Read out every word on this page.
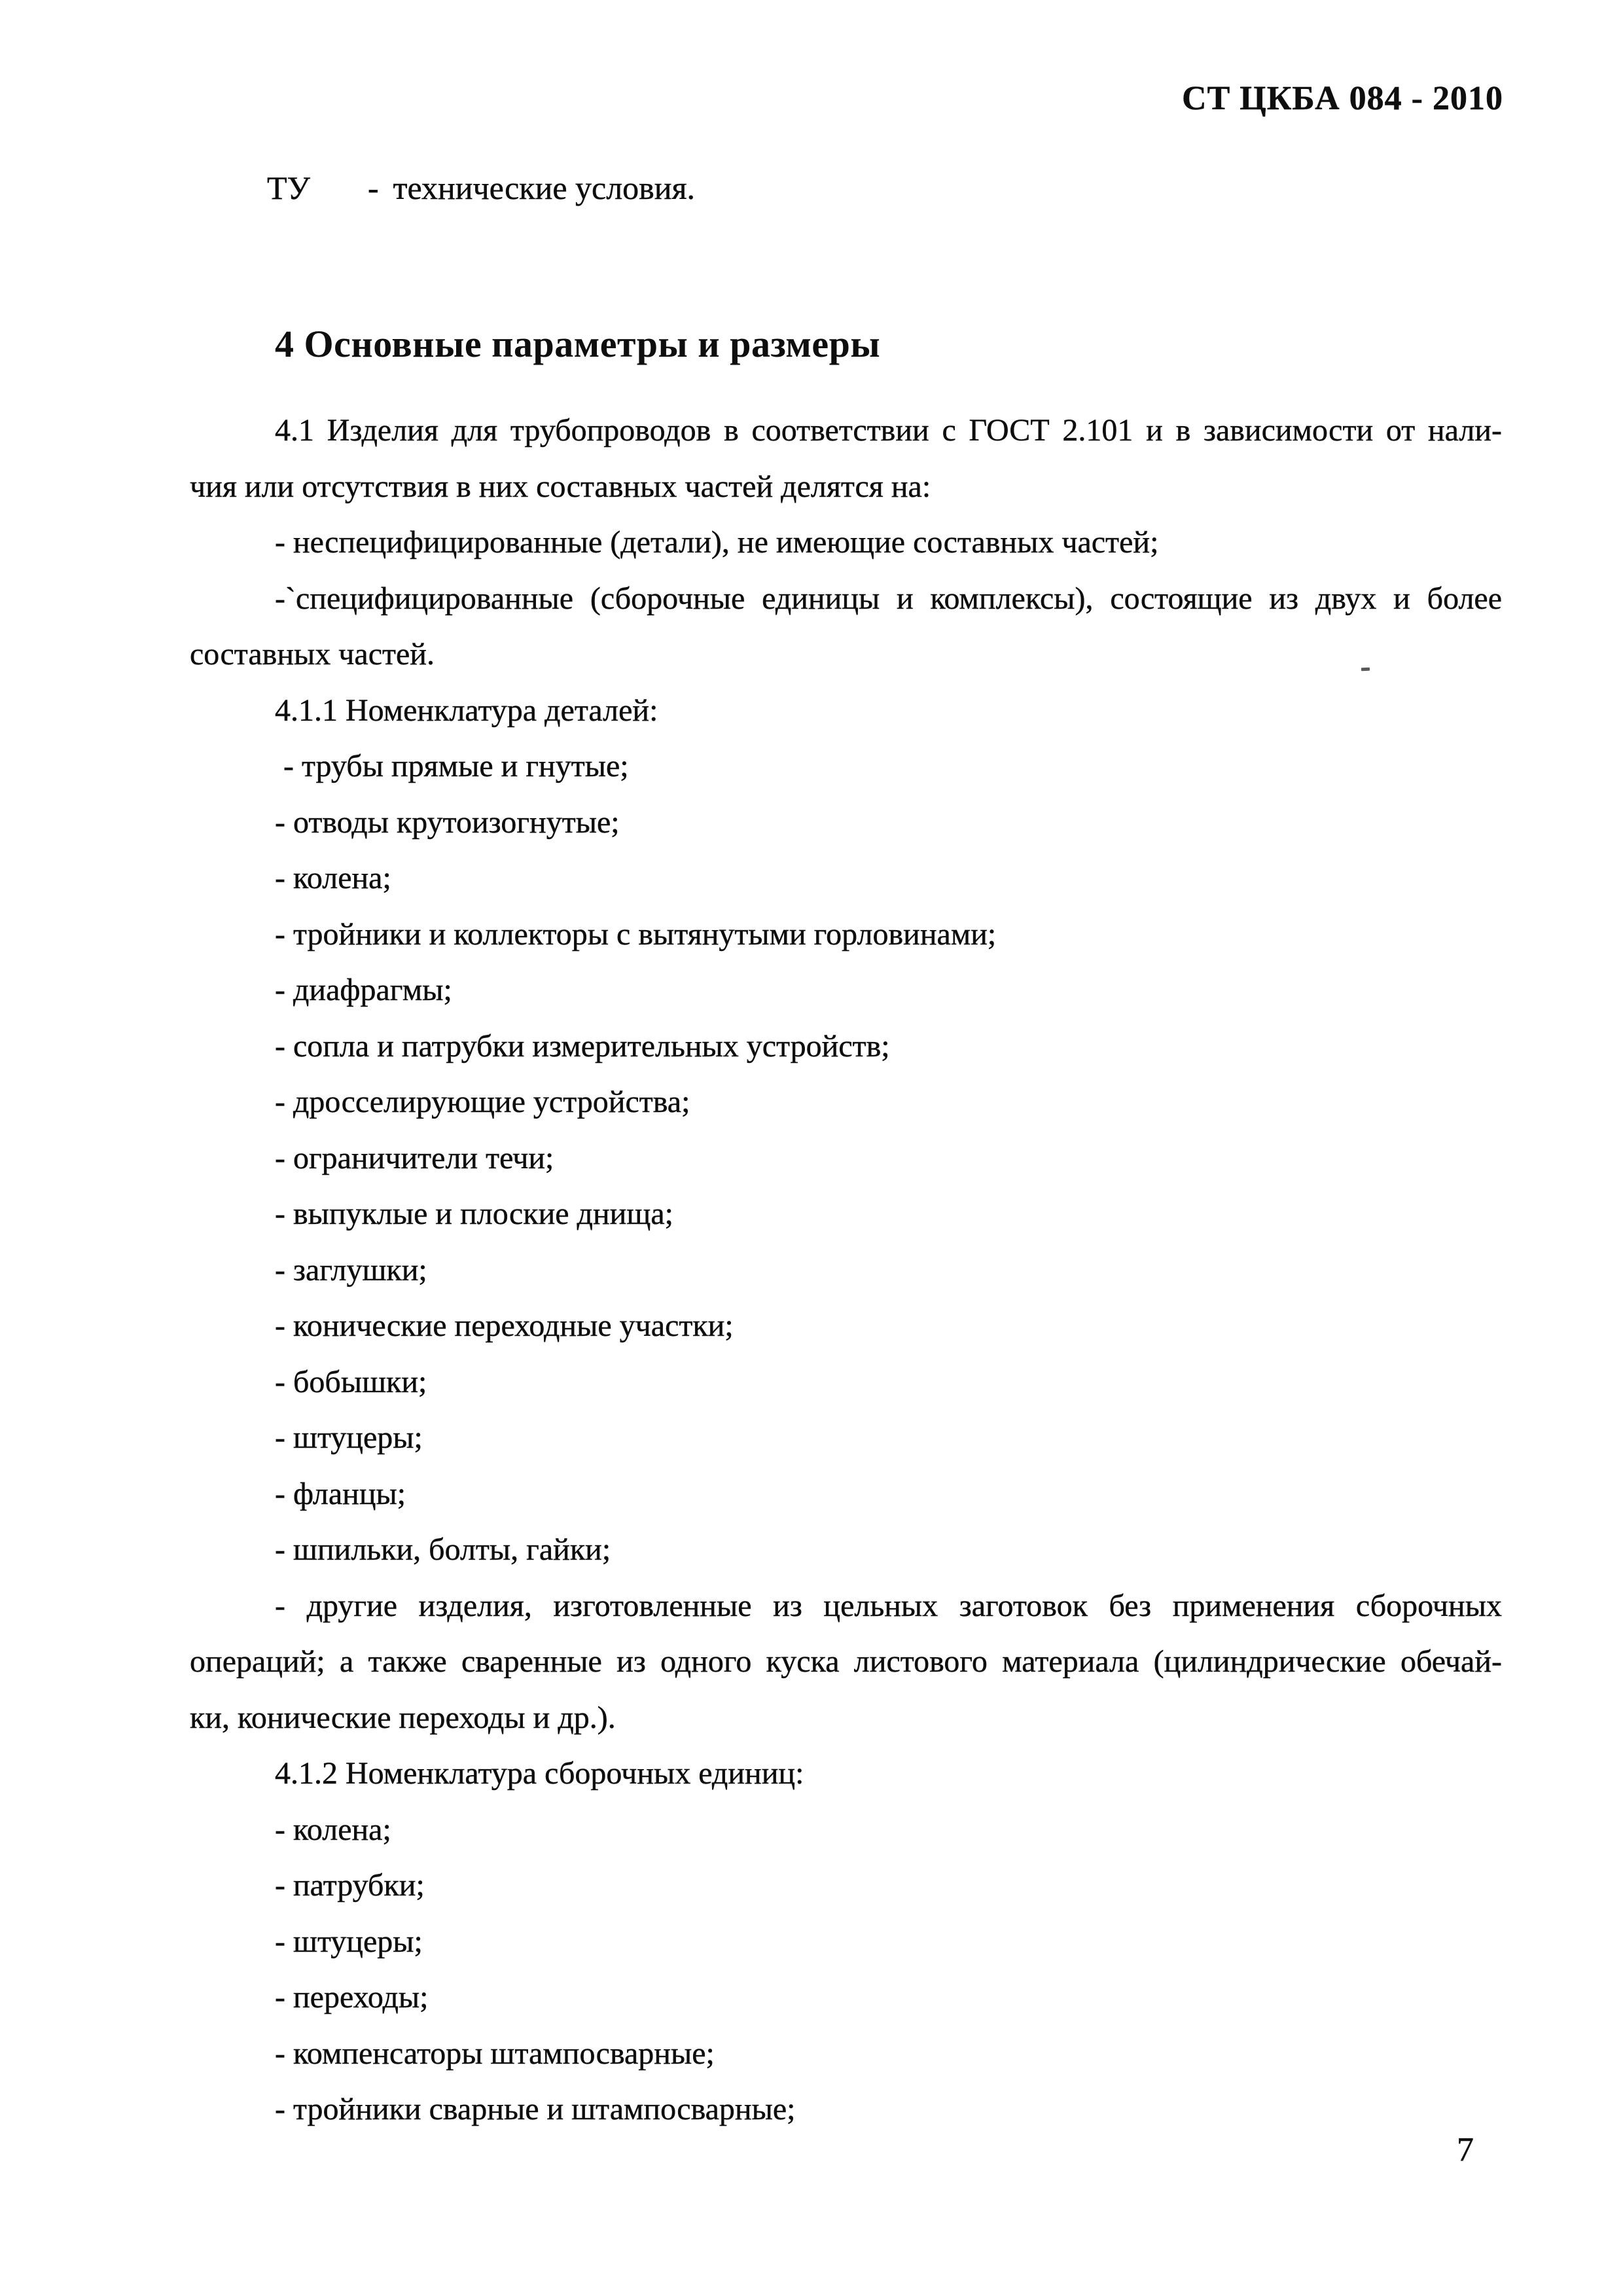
СТ ЦКБА 084 - 2010
ТУ - технические условия.
4 Основные параметры и размеры
4.1 Изделия для трубопроводов в соответствии с ГОСТ 2.101 и в зависимости от нали-
чия или отсутствия в них составных частей делятся на:
- неспецифицированные (детали), не имеющие составных частей;
-`специфицированные (сборочные единицы и комплексы), состоящие из двух и более
составных частей.
4.1.1 Номенклатура деталей:
- трубы прямые и гнутые;
- отводы крутоизогнутые;
- колена;
- тройники и коллекторы с вытянутыми горловинами;
- диафрагмы;
- сопла и патрубки измерительных устройств;
- дросселирующие устройства;
- ограничители течи;
- выпуклые и плоские днища;
- заглушки;
- конические переходные участки;
- бобышки;
- штуцеры;
- фланцы;
- шпильки, болты, гайки;
- другие изделия, изготовленные из цельных заготовок без применения сборочных
операций; а также сваренные из одного куска листового материала (цилиндрические обечай-
ки, конические переходы и др.).
4.1.2 Номенклатура сборочных единиц:
- колена;
- патрубки;
- штуцеры;
- переходы;
- компенсаторы штампосварные;
- тройники сварные и штампосварные;
7
